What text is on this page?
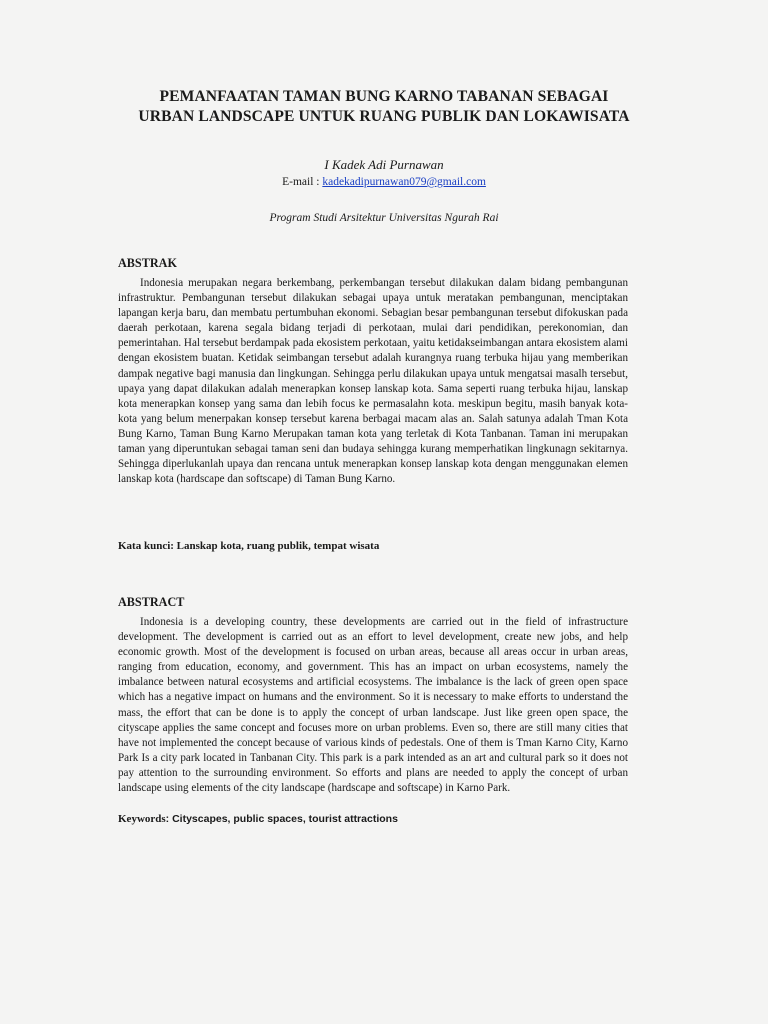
PEMANFAATAN TAMAN BUNG KARNO TABANAN SEBAGAI
URBAN LANDSCAPE UNTUK RUANG PUBLIK DAN LOKAWISATA
I Kadek Adi Purnawan
E-mail : kadekadipurnawan079@gmail.com
Program Studi Arsitektur Universitas Ngurah Rai
ABSTRAK
Indonesia merupakan negara berkembang, perkembangan tersebut dilakukan dalam bidang pembangunan infrastruktur. Pembangunan tersebut dilakukan sebagai upaya untuk meratakan pembangunan, menciptakan lapangan kerja baru, dan membatu pertumbuhan ekonomi. Sebagian besar pembangunan tersebut difokuskan pada daerah perkotaan, karena segala bidang terjadi di perkotaan, mulai dari pendidikan, perekonomian, dan pemerintahan. Hal tersebut berdampak pada ekosistem perkotaan, yaitu ketidakseimbangan antara ekosistem alami dengan ekosistem buatan. Ketidak seimbangan tersebut adalah kurangnya ruang terbuka hijau yang memberikan dampak negative bagi manusia dan lingkungan. Sehingga perlu dilakukan upaya untuk mengatsai masalh tersebut, upaya yang dapat dilakukan adalah menerapkan konsep lanskap kota. Sama seperti ruang terbuka hijau, lanskap kota menerapkan konsep yang sama dan lebih focus ke permasalahn kota. meskipun begitu, masih banyak kota-kota yang belum menerpakan konsep tersebut karena berbagai macam alas an. Salah satunya adalah Tman Kota Bung Karno, Taman Bung Karno Merupakan taman kota yang terletak di Kota Tanbanan. Taman ini merupakan taman yang diperuntukan sebagai taman seni dan budaya sehingga kurang memperhatikan lingkunagn sekitarnya. Sehingga diperlukanlah upaya dan rencana untuk menerapkan konsep lanskap kota dengan menggunakan elemen lanskap kota (hardscape dan softscape) di Taman Bung Karno.
Kata kunci: Lanskap kota, ruang publik, tempat wisata
ABSTRACT
Indonesia is a developing country, these developments are carried out in the field of infrastructure development. The development is carried out as an effort to level development, create new jobs, and help economic growth. Most of the development is focused on urban areas, because all areas occur in urban areas, ranging from education, economy, and government. This has an impact on urban ecosystems, namely the imbalance between natural ecosystems and artificial ecosystems. The imbalance is the lack of green open space which has a negative impact on humans and the environment. So it is necessary to make efforts to understand the mass, the effort that can be done is to apply the concept of urban landscape. Just like green open space, the cityscape applies the same concept and focuses more on urban problems. Even so, there are still many cities that have not implemented the concept because of various kinds of pedestals. One of them is Tman Karno City, Karno Park Is a city park located in Tanbanan City. This park is a park intended as an art and cultural park so it does not pay attention to the surrounding environment. So efforts and plans are needed to apply the concept of urban landscape using elements of the city landscape (hardscape and softscape) in Karno Park.
Keywords: Cityscapes, public spaces, tourist attractions
